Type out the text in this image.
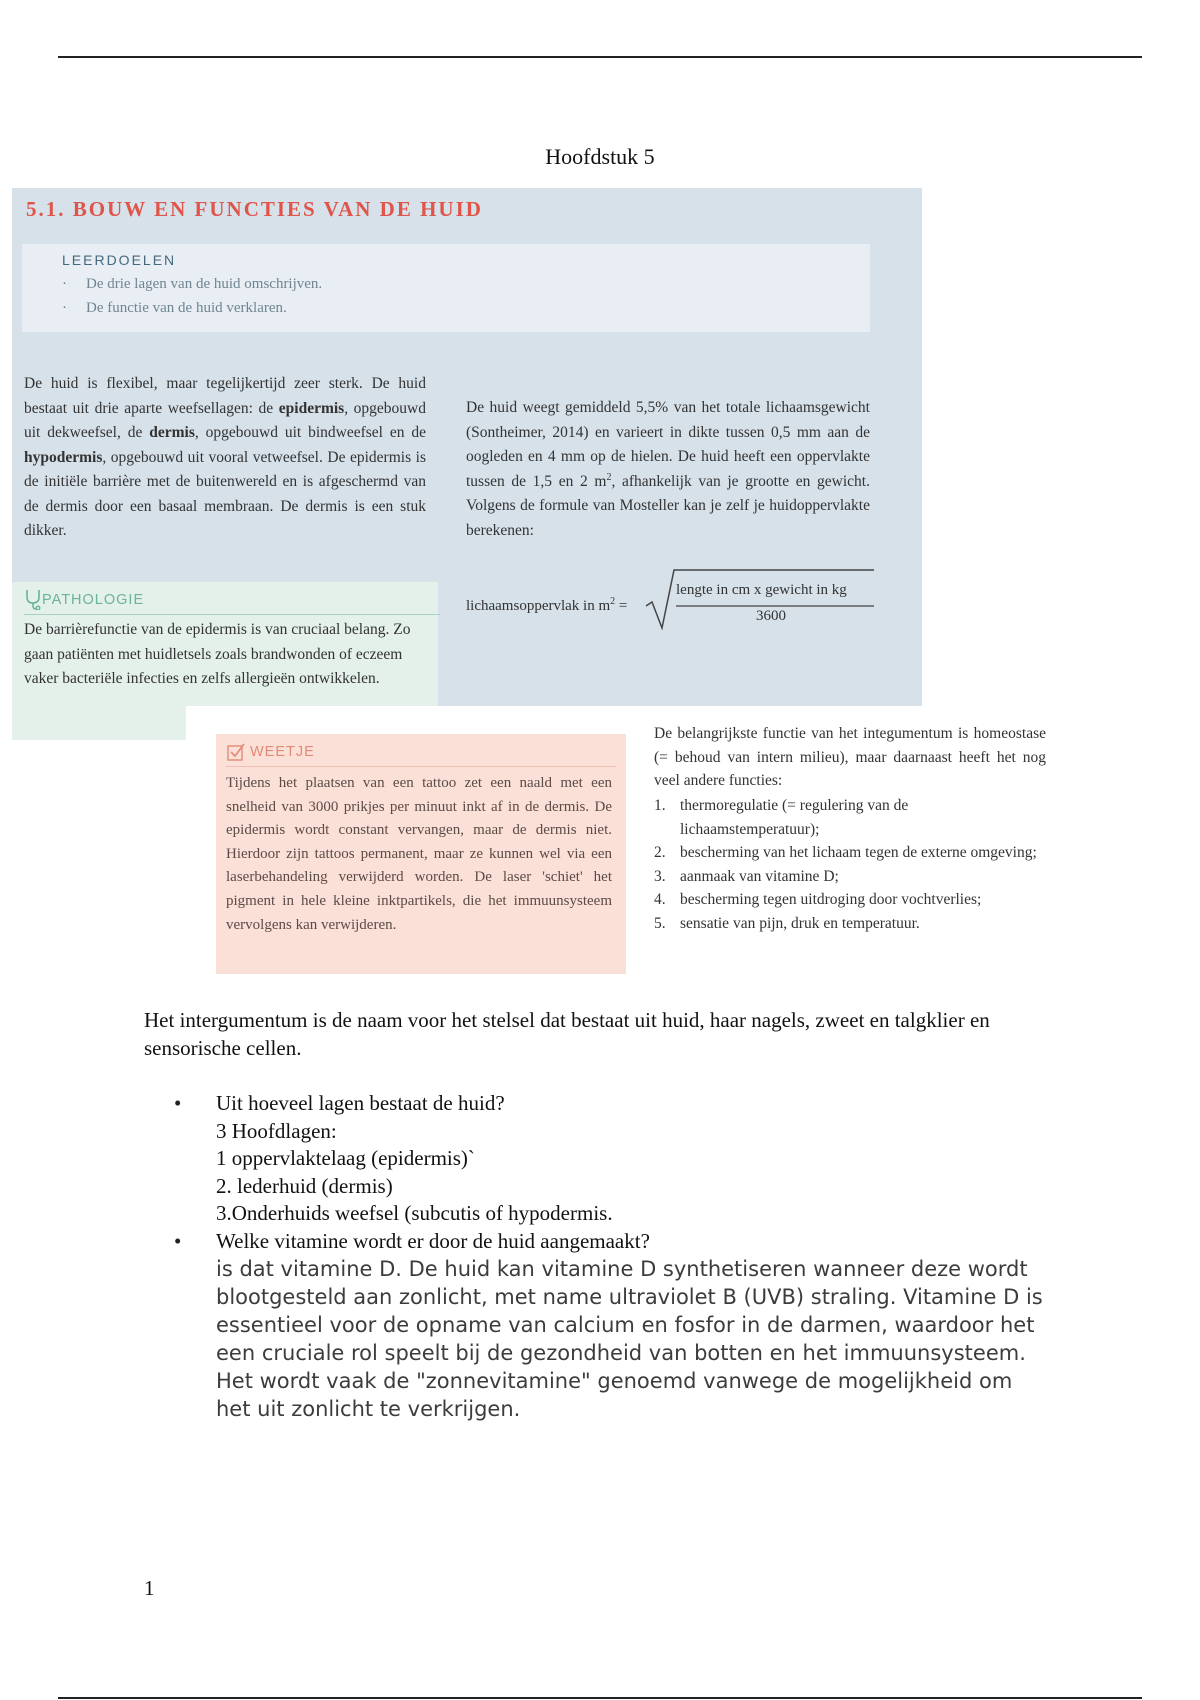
Hoofdstuk 5
5.1. BOUW EN FUNCTIES VAN DE HUID
LEERDOELEN
· De drie lagen van de huid omschrijven.
· De functie van de huid verklaren.
De huid is flexibel, maar tegelijkertijd zeer sterk. De huid bestaat uit drie aparte weefsellagen: de epidermis, opgebouwd uit dekweefsel, de dermis, opgebouwd uit bindweefsel en de hypodermis, opgebouwd uit vooral vetweefsel. De epidermis is de initiële barrière met de buitenwereld en is afgeschermd van de dermis door een basaal membraan. De dermis is een stuk dikker.
De huid weegt gemiddeld 5,5% van het totale lichaamsgewicht (Sontheimer, 2014) en varieert in dikte tussen 0,5 mm aan de oogleden en 4 mm op de hielen. De huid heeft een oppervlakte tussen de 1,5 en 2 $m^2$, afhankelijk van je grootte en gewicht. Volgens de formule van Mosteller kan je zelf je huidoppervlakte berekenen:
lichaamsoppervlak in $m^2$ =
lengte in cm x gewicht in kg
3600
PATHOLOGIE
De barrièrefunctie van de epidermis is van cruciaal belang. Zo gaan patiënten met huidletsels zoals brandwonden of eczeem vaker bacteriële infecties en zelfs allergieën ontwikkelen.
WEETJE
Tijdens het plaatsen van een tattoo zet een naald met een snelheid van 3000 prikjes per minuut inkt af in de dermis. De epidermis wordt constant vervangen, maar de dermis niet. Hierdoor zijn tattoos permanent, maar ze kunnen wel via een laserbehandeling verwijderd worden. De laser 'schiet' het pigment in hele kleine inktpartikels, die het immuunsysteem vervolgens kan verwijderen.
De belangrijkste functie van het integumentum is homeostase (= behoud van intern milieu), maar daarnaast heeft het nog veel andere functies:
1. thermoregulatie (= regulering van de lichaamstemperatuur);
2. bescherming van het lichaam tegen de externe omgeving;
3. aanmaak van vitamine D;
4. bescherming tegen uitdroging door vochtverlies;
5. sensatie van pijn, druk en temperatuur.
Het intergumentum is de naam voor het stelsel dat bestaat uit huid, haar nagels, zweet en talgklier en sensorische cellen.
• Uit hoeveel lagen bestaat de huid?
3 Hoofdlagen:
1 oppervlaktelaag (epidermis)`
2. lederhuid (dermis)
3.Onderhuids weefsel (subcutis of hypodermis.
• Welke vitamine wordt er door de huid aangemaakt?
is dat vitamine D. De huid kan vitamine D synthetiseren wanneer deze wordt blootgesteld aan zonlicht, met name ultraviolet B (UVB) straling. Vitamine D is essentieel voor de opname van calcium en fosfor in de darmen, waardoor het een cruciale rol speelt bij de gezondheid van botten en het immuunsysteem. Het wordt vaak de "zonnevitamine" genoemd vanwege de mogelijkheid om het uit zonlicht te verkrijgen.
1
